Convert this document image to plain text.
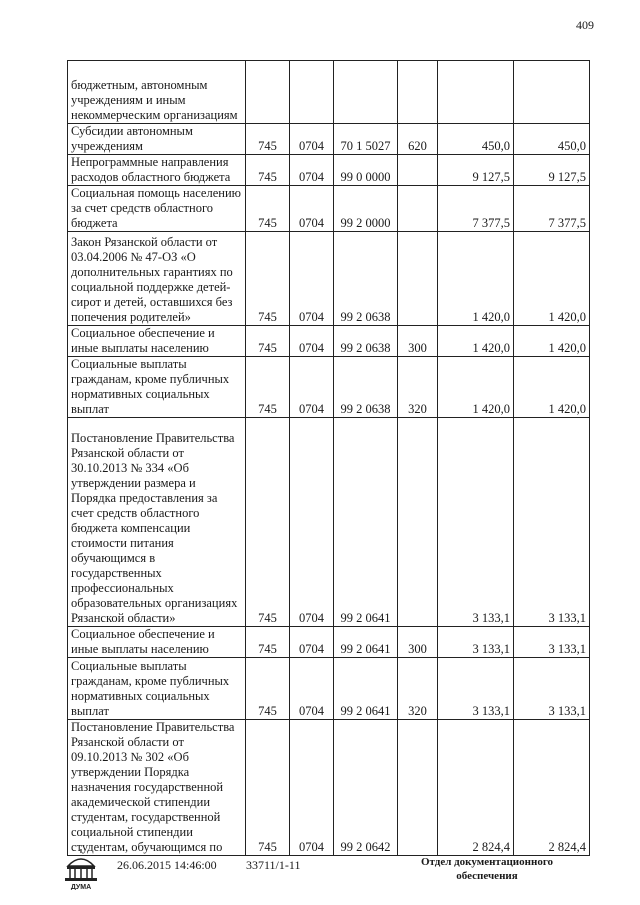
409
бюджетным, автономным учреждениям и иным некоммерческим организациям						
Субсидии автономным учреждениям	745	0704	70 1 5027	620	450,0	450,0
Непрограммные направления расходов областного бюджета	745	0704	99 0 0000		9 127,5	9 127,5
Социальная помощь населению за счет средств областного бюджета	745	0704	99 2 0000		7 377,5	7 377,5
Закон Рязанской области от 03.04.2006 № 47-ОЗ «О дополнительных гарантиях по социальной поддержке детей-сирот и детей, оставшихся без попечения родителей»	745	0704	99 2 0638		1 420,0	1 420,0
Социальное обеспечение и иные выплаты населению	745	0704	99 2 0638	300	1 420,0	1 420,0
Социальные выплаты гражданам, кроме публичных нормативных социальных выплат	745	0704	99 2 0638	320	1 420,0	1 420,0
Постановление Правительства Рязанской области от 30.10.2013 № 334 «Об утверждении размера и Порядка предоставления за счет средств областного бюджета компенсации стоимости питания обучающимся в государственных профессиональных образовательных организациях Рязанской области»	745	0704	99 2 0641		3 133,1	3 133,1
Социальное обеспечение и иные выплаты населению	745	0704	99 2 0641	300	3 133,1	3 133,1
Социальные выплаты гражданам, кроме публичных нормативных социальных выплат	745	0704	99 2 0641	320	3 133,1	3 133,1
Постановление Правительства Рязанской области от 09.10.2013 № 302 «Об утверждении Порядка назначения государственной академической стипендии студентам, государственной социальной стипендии студентам, обучающимся по	745	0704	99 2 0642		2 824,4	2 824,4
ДУМА
26.06.2015 14:46:00 33711/1-11	Отдел документационного
обеспечения
